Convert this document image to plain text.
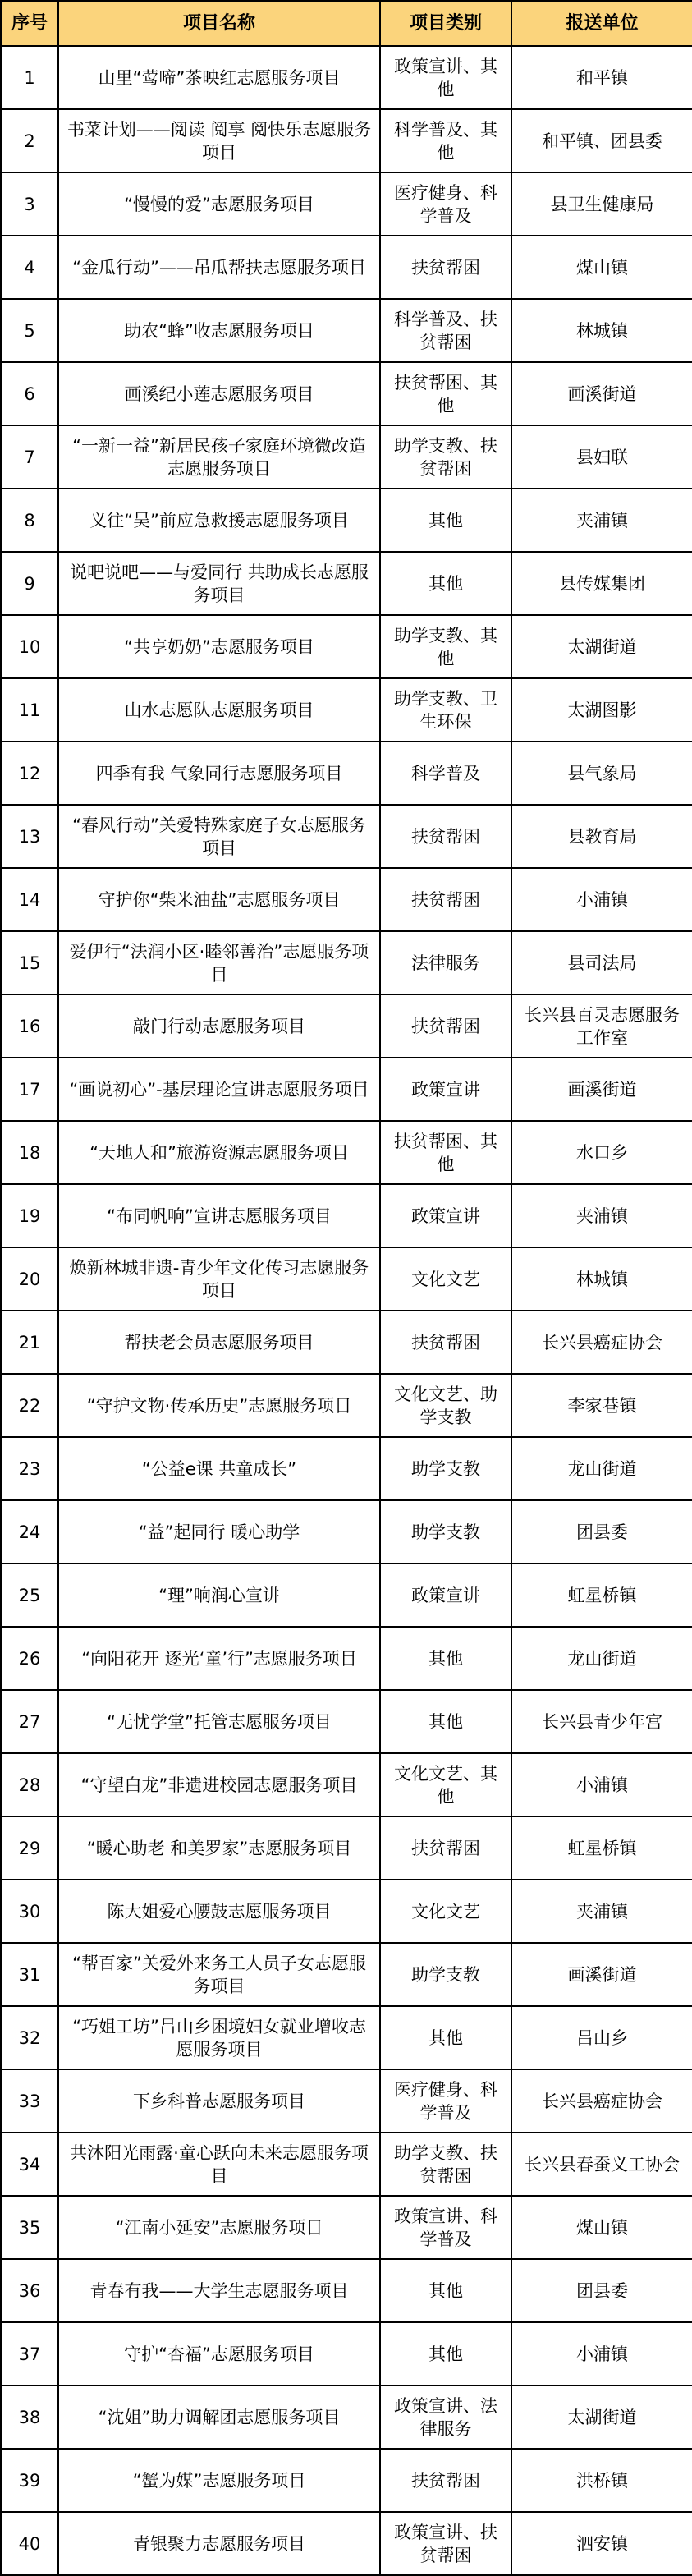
序号	项目名称	项目类别	报送单位
1	山里“莺啼”茶映红志愿服务项目	政策宣讲、其他	和平镇
2	书菜计划——阅读 阅享 阅快乐志愿服务项目	科学普及、其他	和平镇、团县委
3	“慢慢的爱”志愿服务项目	医疗健身、科学普及	县卫生健康局
4	“金瓜行动”——吊瓜帮扶志愿服务项目	扶贫帮困	煤山镇
5	助农“蜂”收志愿服务项目	科学普及、扶贫帮困	林城镇
6	画溪纪小莲志愿服务项目	扶贫帮困、其他	画溪街道
7	“一新一益”新居民孩子家庭环境微改造志愿服务项目	助学支教、扶贫帮困	县妇联
8	义往“吴”前应急救援志愿服务项目	其他	夹浦镇
9	说吧说吧——与爱同行 共助成长志愿服务项目	其他	县传媒集团
10	“共享奶奶”志愿服务项目	助学支教、其他	太湖街道
11	山水志愿队志愿服务项目	助学支教、卫生环保	太湖图影
12	四季有我 气象同行志愿服务项目	科学普及	县气象局
13	“春风行动”关爱特殊家庭子女志愿服务项目	扶贫帮困	县教育局
14	守护你“柴米油盐”志愿服务项目	扶贫帮困	小浦镇
15	爱伊行“法润小区·睦邻善治”志愿服务项目	法律服务	县司法局
16	敲门行动志愿服务项目	扶贫帮困	长兴县百灵志愿服务工作室
17	“画说初心”-基层理论宣讲志愿服务项目	政策宣讲	画溪街道
18	“天地人和”旅游资源志愿服务项目	扶贫帮困、其他	水口乡
19	“布同帆响”宣讲志愿服务项目	政策宣讲	夹浦镇
20	焕新林城非遗-青少年文化传习志愿服务项目	文化文艺	林城镇
21	帮扶老会员志愿服务项目	扶贫帮困	长兴县癌症协会
22	“守护文物·传承历史”志愿服务项目	文化文艺、助学支教	李家巷镇
23	“公益e课 共童成长”	助学支教	龙山街道
24	“益”起同行 暖心助学	助学支教	团县委
25	“理”响润心宣讲	政策宣讲	虹星桥镇
26	“向阳花开 逐光‘童’行”志愿服务项目	其他	龙山街道
27	“无忧学堂”托管志愿服务项目	其他	长兴县青少年宫
28	“守望白龙”非遗进校园志愿服务项目	文化文艺、其他	小浦镇
29	“暖心助老 和美罗家”志愿服务项目	扶贫帮困	虹星桥镇
30	陈大姐爱心腰鼓志愿服务项目	文化文艺	夹浦镇
31	“帮百家”关爱外来务工人员子女志愿服务项目	助学支教	画溪街道
32	“巧姐工坊”吕山乡困境妇女就业增收志愿服务项目	其他	吕山乡
33	下乡科普志愿服务项目	医疗健身、科学普及	长兴县癌症协会
34	共沐阳光雨露·童心跃向未来志愿服务项目	助学支教、扶贫帮困	长兴县春蚕义工协会
35	“江南小延安”志愿服务项目	政策宣讲、科学普及	煤山镇
36	青春有我——大学生志愿服务项目	其他	团县委
37	守护“杏福”志愿服务项目	其他	小浦镇
38	“沈姐”助力调解团志愿服务项目	政策宣讲、法律服务	太湖街道
39	“蟹为媒”志愿服务项目	扶贫帮困	洪桥镇
40	青银聚力志愿服务项目	政策宣讲、扶贫帮困	泗安镇
